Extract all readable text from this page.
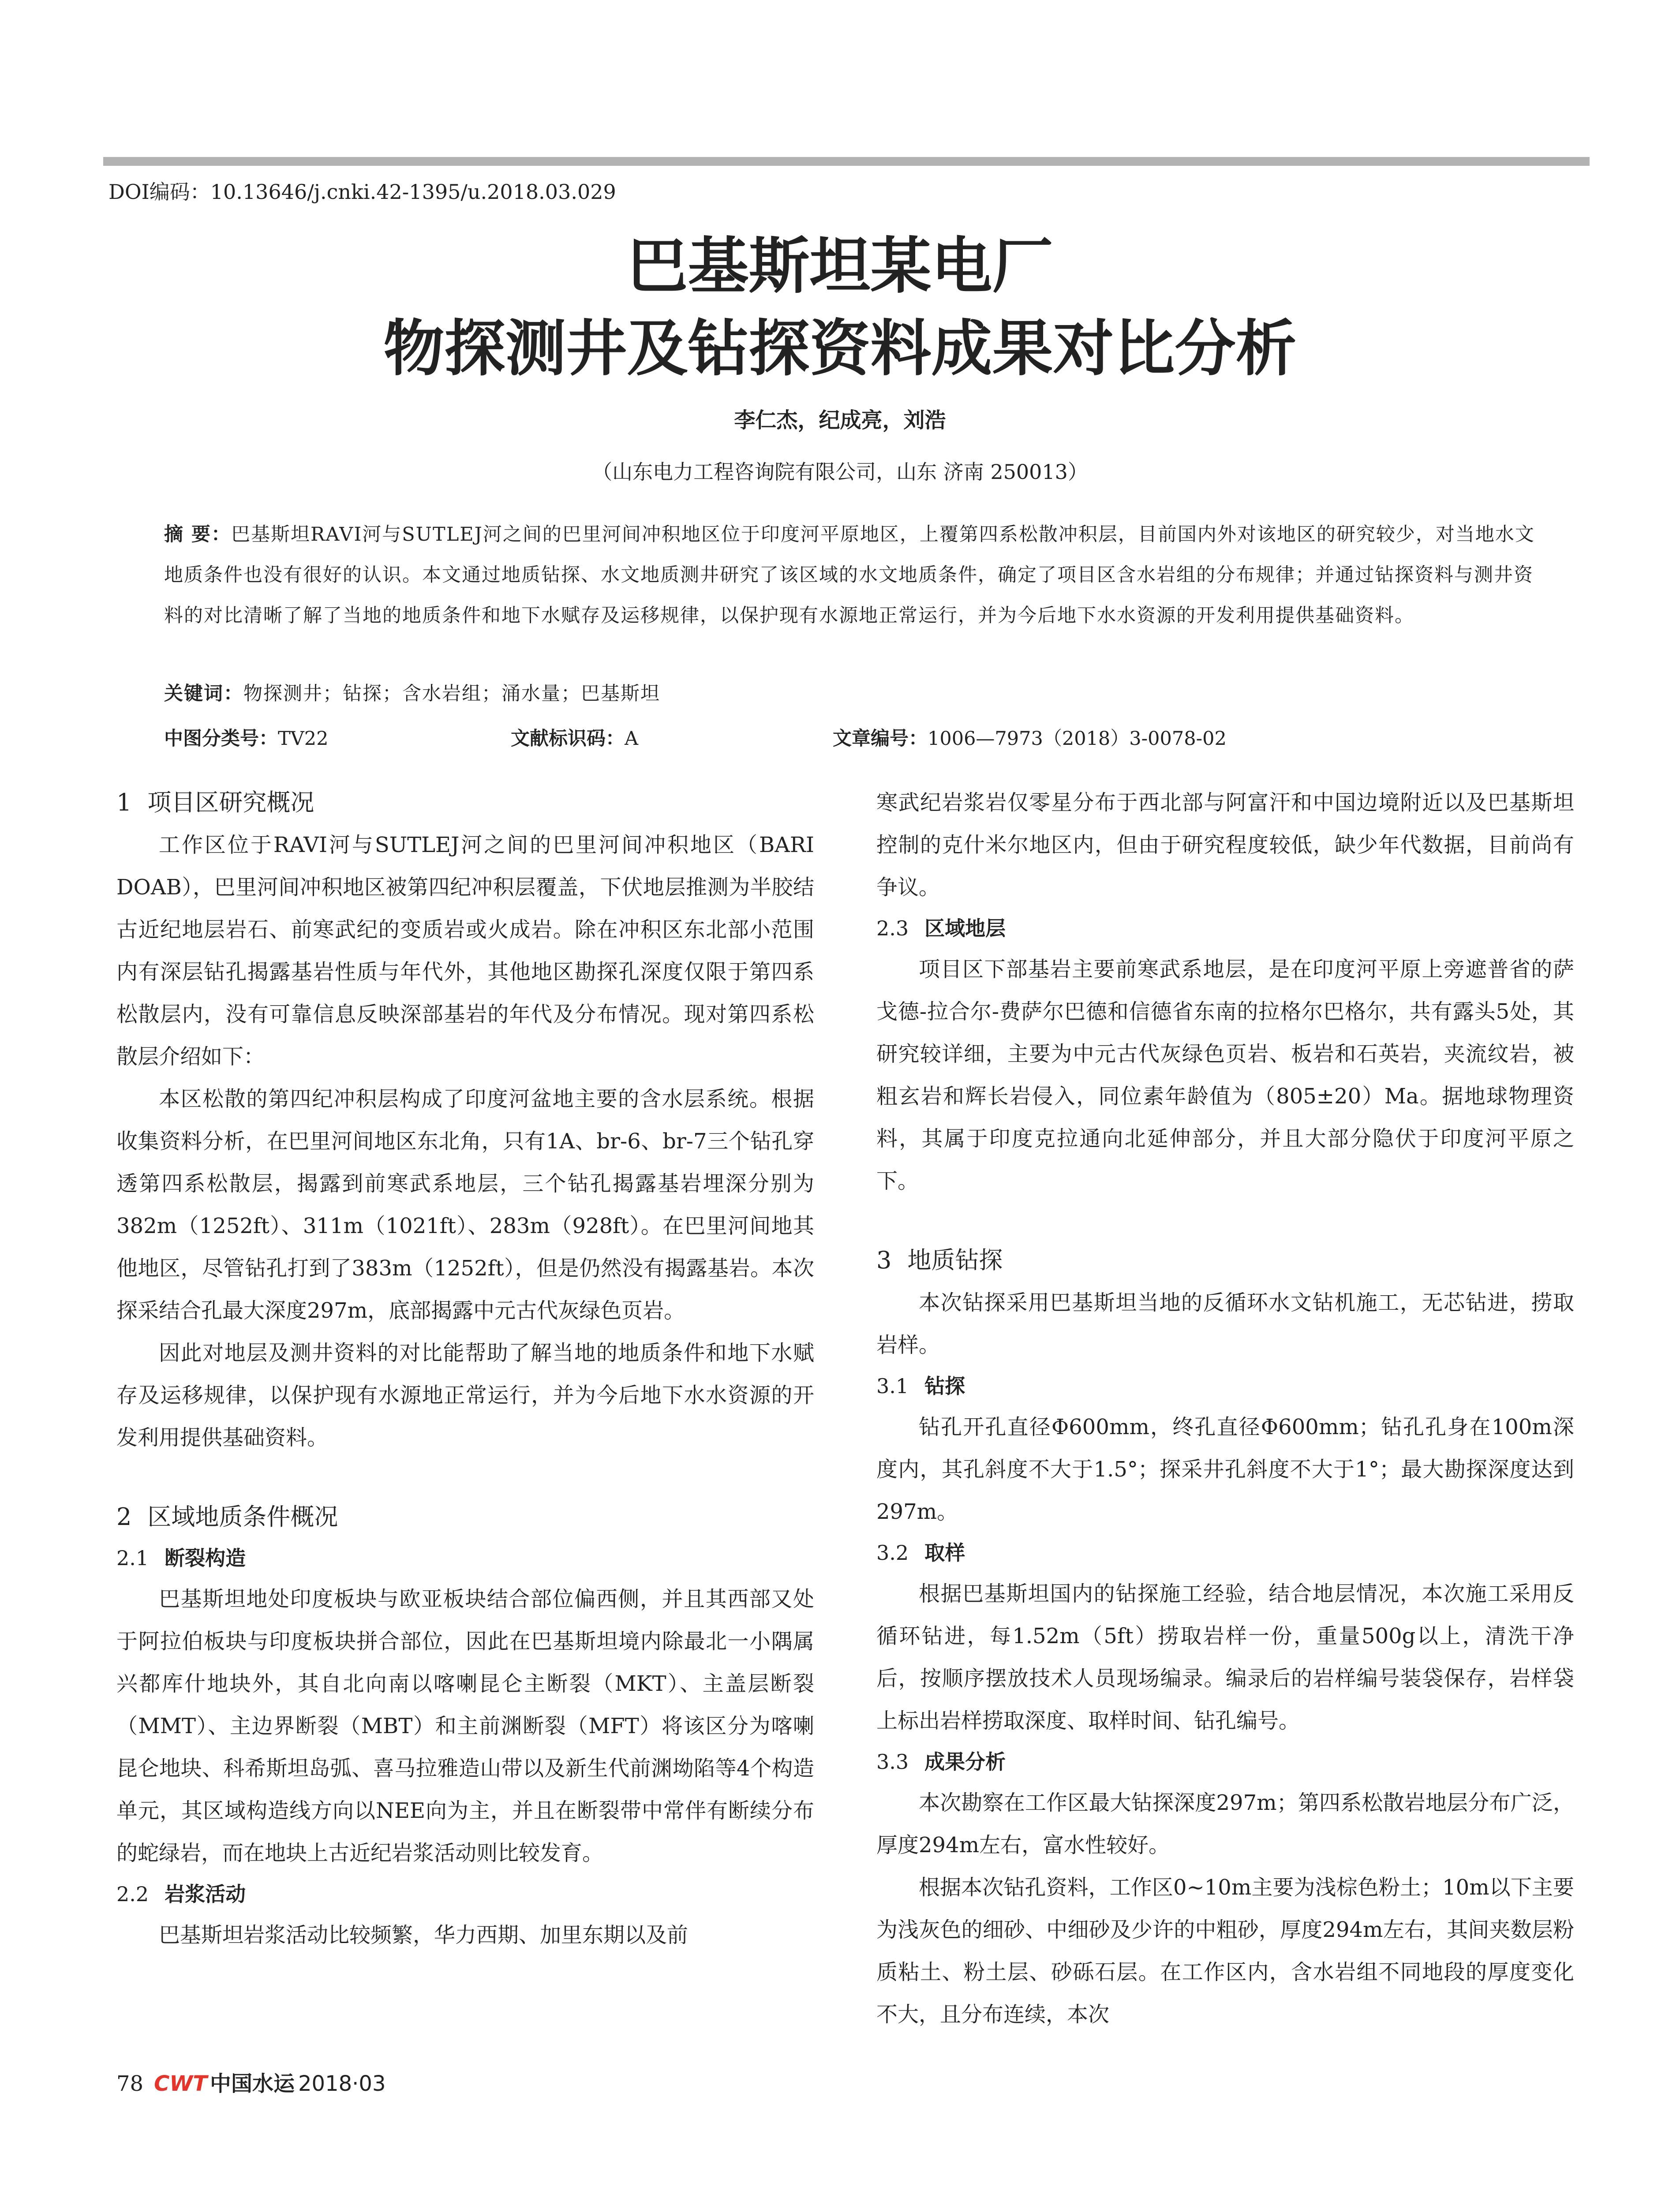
DOI编码：10.13646/j.cnki.42-1395/u.2018.03.029
巴基斯坦某电厂
物探测井及钻探资料成果对比分析
李仁杰，纪成亮，刘浩
（山东电力工程咨询院有限公司，山东 济南 250013）
摘 要：巴基斯坦RAVI河与SUTLEJ河之间的巴里河间冲积地区位于印度河平原地区，上覆第四系松散冲积层，目前国内外对该地区的研究较少，对当地水文地质条件也没有很好的认识。本文通过地质钻探、水文地质测井研究了该区域的水文地质条件，确定了项目区含水岩组的分布规律；并通过钻探资料与测井资料的对比清晰了解了当地的地质条件和地下水赋存及运移规律，以保护现有水源地正常运行，并为今后地下水水资源的开发利用提供基础资料。
关键词：物探测井；钻探；含水岩组；涌水量；巴基斯坦
中图分类号：TV22	文献标识码：A	文章编号：1006—7973（2018）3-0078-02
1 项目区研究概况

工作区位于RAVI河与SUTLEJ河之间的巴里河间冲积地区（BARI DOAB），巴里河间冲积地区被第四纪冲积层覆盖，下伏地层推测为半胶结古近纪地层岩石、前寒武纪的变质岩或火成岩。除在冲积区东北部小范围内有深层钻孔揭露基岩性质与年代外，其他地区勘探孔深度仅限于第四系松散层内，没有可靠信息反映深部基岩的年代及分布情况。现对第四系松散层介绍如下：

本区松散的第四纪冲积层构成了印度河盆地主要的含水层系统。根据收集资料分析，在巴里河间地区东北角，只有1A、br-6、br-7三个钻孔穿透第四系松散层，揭露到前寒武系地层，三个钻孔揭露基岩埋深分别为382m（1252ft）、311m（1021ft）、283m（928ft）。在巴里河间地其他地区，尽管钻孔打到了383m（1252ft），但是仍然没有揭露基岩。本次探采结合孔最大深度297m，底部揭露中元古代灰绿色页岩。

因此对地层及测井资料的对比能帮助了解当地的地质条件和地下水赋存及运移规律，以保护现有水源地正常运行，并为今后地下水水资源的开发利用提供基础资料。

2 区域地质条件概况
2.1 断裂构造

巴基斯坦地处印度板块与欧亚板块结合部位偏西侧，并且其西部又处于阿拉伯板块与印度板块拼合部位，因此在巴基斯坦境内除最北一小隅属兴都库什地块外，其自北向南以喀喇昆仑主断裂（MKT）、主盖层断裂（MMT）、主边界断裂（MBT）和主前渊断裂（MFT）将该区分为喀喇昆仑地块、科希斯坦岛弧、喜马拉雅造山带以及新生代前渊坳陷等4个构造单元，其区域构造线方向以NEE向为主，并且在断裂带中常伴有断续分布的蛇绿岩，而在地块上古近纪岩浆活动则比较发育。

2.2 岩浆活动

巴基斯坦岩浆活动比较频繁，华力西期、加里东期以及前

寒武纪岩浆岩仅零星分布于西北部与阿富汗和中国边境附近以及巴基斯坦控制的克什米尔地区内，但由于研究程度较低，缺少年代数据，目前尚有争议。

2.3 区域地层

项目区下部基岩主要前寒武系地层，是在印度河平原上旁遮普省的萨戈德-拉合尔-费萨尔巴德和信德省东南的拉格尔巴格尔，共有露头5处，其研究较详细，主要为中元古代灰绿色页岩、板岩和石英岩，夹流纹岩，被粗玄岩和辉长岩侵入，同位素年龄值为（805±20）Ma。据地球物理资料，其属于印度克拉通向北延伸部分，并且大部分隐伏于印度河平原之下。

3 地质钻探

本次钻探采用巴基斯坦当地的反循环水文钻机施工，无芯钻进，捞取岩样。

3.1 钻探

钻孔开孔直径Φ600mm，终孔直径Φ600mm；钻孔孔身在100m深度内，其孔斜度不大于1.5°；探采井孔斜度不大于1°；最大勘探深度达到297m。

3.2 取样

根据巴基斯坦国内的钻探施工经验，结合地层情况，本次施工采用反循环钻进，每1.52m（5ft）捞取岩样一份，重量500g以上，清洗干净后，按顺序摆放技术人员现场编录。编录后的岩样编号装袋保存，岩样袋上标出岩样捞取深度、取样时间、钻孔编号。

3.3 成果分析

本次勘察在工作区最大钻探深度297m；第四系松散岩地层分布广泛，厚度294m左右，富水性较好。

根据本次钻孔资料，工作区0~10m主要为浅棕色粉土；10m以下主要为浅灰色的细砂、中细砂及少许的中粗砂，厚度294m左右，其间夹数层粉质粘土、粉土层、砂砾石层。在工作区内，含水岩组不同地段的厚度变化不大，且分布连续，本次

78 CWT 中国水运 2018·03
